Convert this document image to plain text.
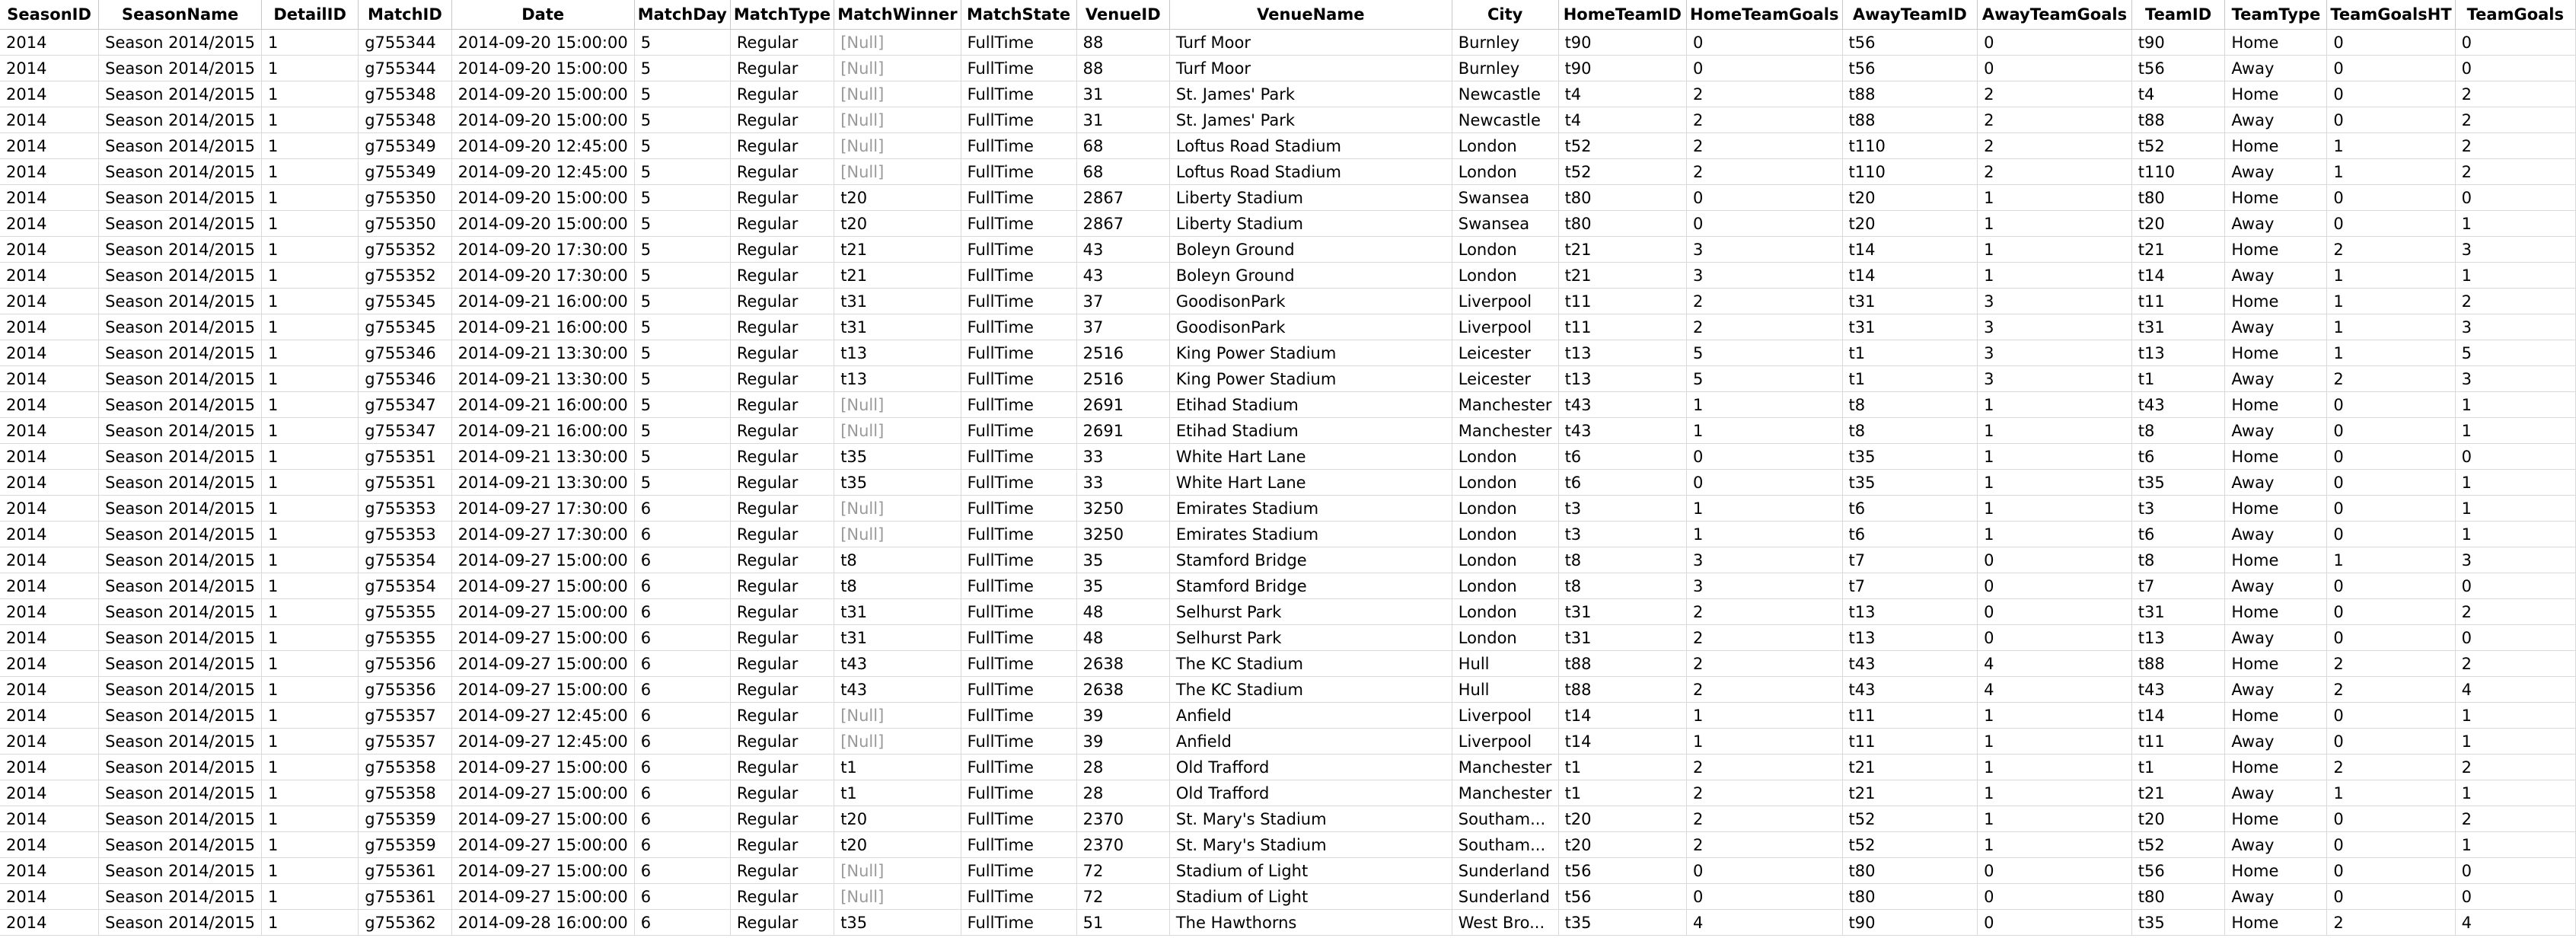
SeasonID	SeasonName	DetailID	MatchID	Date	MatchDay	MatchType	MatchWinner	MatchState	VenueID	VenueName	City	HomeTeamID	HomeTeamGoals	AwayTeamID	AwayTeamGoals	TeamID	TeamType	TeamGoalsHT	TeamGoals
2014	Season 2014/2015	1	g755344	2014-09-20 15:00:00	5	Regular	[Null]	FullTime	88	Turf Moor	Burnley	t90	0	t56	0	t90	Home	0	0
2014	Season 2014/2015	1	g755344	2014-09-20 15:00:00	5	Regular	[Null]	FullTime	88	Turf Moor	Burnley	t90	0	t56	0	t56	Away	0	0
2014	Season 2014/2015	1	g755348	2014-09-20 15:00:00	5	Regular	[Null]	FullTime	31	St. James' Park	Newcastle	t4	2	t88	2	t4	Home	0	2
2014	Season 2014/2015	1	g755348	2014-09-20 15:00:00	5	Regular	[Null]	FullTime	31	St. James' Park	Newcastle	t4	2	t88	2	t88	Away	0	2
2014	Season 2014/2015	1	g755349	2014-09-20 12:45:00	5	Regular	[Null]	FullTime	68	Loftus Road Stadium	London	t52	2	t110	2	t52	Home	1	2
2014	Season 2014/2015	1	g755349	2014-09-20 12:45:00	5	Regular	[Null]	FullTime	68	Loftus Road Stadium	London	t52	2	t110	2	t110	Away	1	2
2014	Season 2014/2015	1	g755350	2014-09-20 15:00:00	5	Regular	t20	FullTime	2867	Liberty Stadium	Swansea	t80	0	t20	1	t80	Home	0	0
2014	Season 2014/2015	1	g755350	2014-09-20 15:00:00	5	Regular	t20	FullTime	2867	Liberty Stadium	Swansea	t80	0	t20	1	t20	Away	0	1
2014	Season 2014/2015	1	g755352	2014-09-20 17:30:00	5	Regular	t21	FullTime	43	Boleyn Ground	London	t21	3	t14	1	t21	Home	2	3
2014	Season 2014/2015	1	g755352	2014-09-20 17:30:00	5	Regular	t21	FullTime	43	Boleyn Ground	London	t21	3	t14	1	t14	Away	1	1
2014	Season 2014/2015	1	g755345	2014-09-21 16:00:00	5	Regular	t31	FullTime	37	GoodisonPark	Liverpool	t11	2	t31	3	t11	Home	1	2
2014	Season 2014/2015	1	g755345	2014-09-21 16:00:00	5	Regular	t31	FullTime	37	GoodisonPark	Liverpool	t11	2	t31	3	t31	Away	1	3
2014	Season 2014/2015	1	g755346	2014-09-21 13:30:00	5	Regular	t13	FullTime	2516	King Power Stadium	Leicester	t13	5	t1	3	t13	Home	1	5
2014	Season 2014/2015	1	g755346	2014-09-21 13:30:00	5	Regular	t13	FullTime	2516	King Power Stadium	Leicester	t13	5	t1	3	t1	Away	2	3
2014	Season 2014/2015	1	g755347	2014-09-21 16:00:00	5	Regular	[Null]	FullTime	2691	Etihad Stadium	Manchester	t43	1	t8	1	t43	Home	0	1
2014	Season 2014/2015	1	g755347	2014-09-21 16:00:00	5	Regular	[Null]	FullTime	2691	Etihad Stadium	Manchester	t43	1	t8	1	t8	Away	0	1
2014	Season 2014/2015	1	g755351	2014-09-21 13:30:00	5	Regular	t35	FullTime	33	White Hart Lane	London	t6	0	t35	1	t6	Home	0	0
2014	Season 2014/2015	1	g755351	2014-09-21 13:30:00	5	Regular	t35	FullTime	33	White Hart Lane	London	t6	0	t35	1	t35	Away	0	1
2014	Season 2014/2015	1	g755353	2014-09-27 17:30:00	6	Regular	[Null]	FullTime	3250	Emirates Stadium	London	t3	1	t6	1	t3	Home	0	1
2014	Season 2014/2015	1	g755353	2014-09-27 17:30:00	6	Regular	[Null]	FullTime	3250	Emirates Stadium	London	t3	1	t6	1	t6	Away	0	1
2014	Season 2014/2015	1	g755354	2014-09-27 15:00:00	6	Regular	t8	FullTime	35	Stamford Bridge	London	t8	3	t7	0	t8	Home	1	3
2014	Season 2014/2015	1	g755354	2014-09-27 15:00:00	6	Regular	t8	FullTime	35	Stamford Bridge	London	t8	3	t7	0	t7	Away	0	0
2014	Season 2014/2015	1	g755355	2014-09-27 15:00:00	6	Regular	t31	FullTime	48	Selhurst Park	London	t31	2	t13	0	t31	Home	0	2
2014	Season 2014/2015	1	g755355	2014-09-27 15:00:00	6	Regular	t31	FullTime	48	Selhurst Park	London	t31	2	t13	0	t13	Away	0	0
2014	Season 2014/2015	1	g755356	2014-09-27 15:00:00	6	Regular	t43	FullTime	2638	The KC Stadium	Hull	t88	2	t43	4	t88	Home	2	2
2014	Season 2014/2015	1	g755356	2014-09-27 15:00:00	6	Regular	t43	FullTime	2638	The KC Stadium	Hull	t88	2	t43	4	t43	Away	2	4
2014	Season 2014/2015	1	g755357	2014-09-27 12:45:00	6	Regular	[Null]	FullTime	39	Anfield	Liverpool	t14	1	t11	1	t14	Home	0	1
2014	Season 2014/2015	1	g755357	2014-09-27 12:45:00	6	Regular	[Null]	FullTime	39	Anfield	Liverpool	t14	1	t11	1	t11	Away	0	1
2014	Season 2014/2015	1	g755358	2014-09-27 15:00:00	6	Regular	t1	FullTime	28	Old Trafford	Manchester	t1	2	t21	1	t1	Home	2	2
2014	Season 2014/2015	1	g755358	2014-09-27 15:00:00	6	Regular	t1	FullTime	28	Old Trafford	Manchester	t1	2	t21	1	t21	Away	1	1
2014	Season 2014/2015	1	g755359	2014-09-27 15:00:00	6	Regular	t20	FullTime	2370	St. Mary's Stadium	Southam...	t20	2	t52	1	t20	Home	0	2
2014	Season 2014/2015	1	g755359	2014-09-27 15:00:00	6	Regular	t20	FullTime	2370	St. Mary's Stadium	Southam...	t20	2	t52	1	t52	Away	0	1
2014	Season 2014/2015	1	g755361	2014-09-27 15:00:00	6	Regular	[Null]	FullTime	72	Stadium of Light	Sunderland	t56	0	t80	0	t56	Home	0	0
2014	Season 2014/2015	1	g755361	2014-09-27 15:00:00	6	Regular	[Null]	FullTime	72	Stadium of Light	Sunderland	t56	0	t80	0	t80	Away	0	0
2014	Season 2014/2015	1	g755362	2014-09-28 16:00:00	6	Regular	t35	FullTime	51	The Hawthorns	West Bro...	t35	4	t90	0	t35	Home	2	4
